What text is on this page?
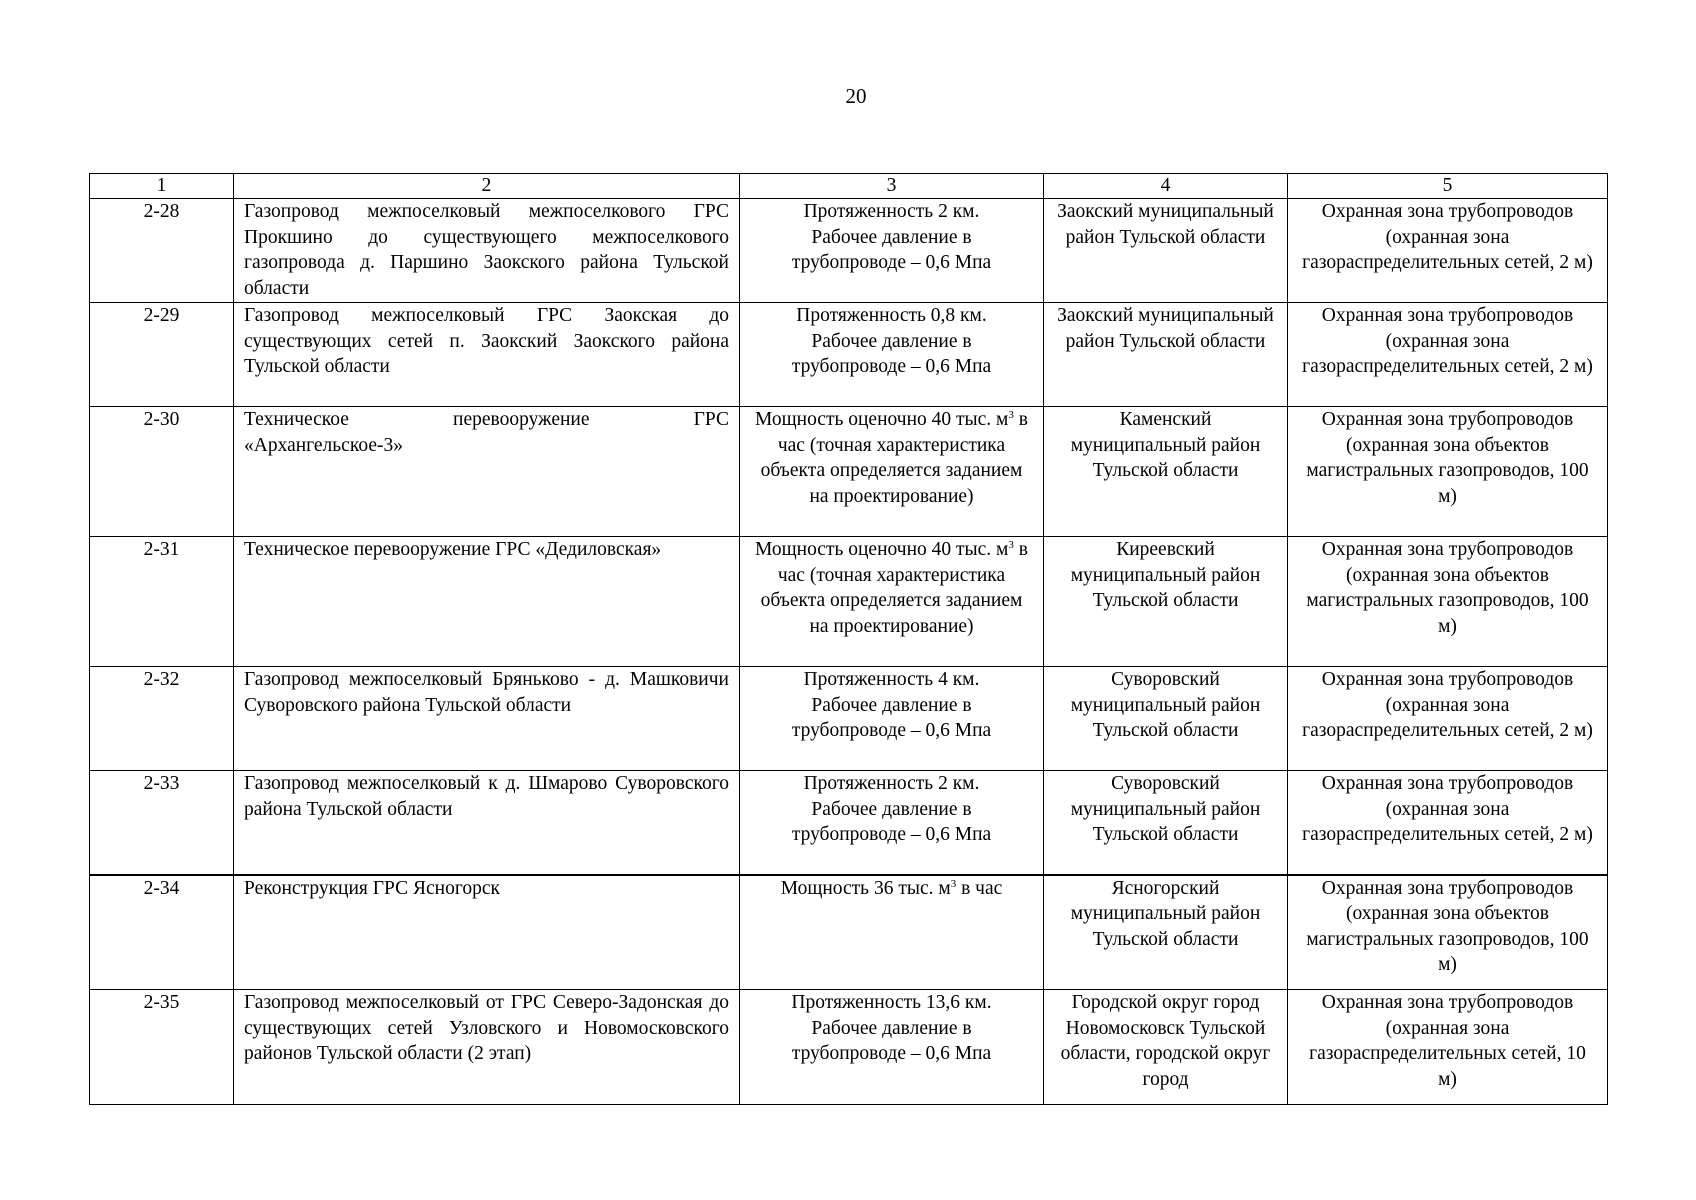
20
1	2	3	4	5
2-28	Газопровод межпоселковый межпоселкового ГРС Прокшино до существующего межпоселкового газопровода д. Паршино Заокского района Тульской области	Протяженность 2 км.
Рабочее давление в
трубопроводе – 0,6 Мпа	Заокский муниципальный район Тульской области	Охранная зона трубопроводов (охранная зона газораспределительных сетей, 2 м)
2-29	Газопровод межпоселковый ГРС Заокская до существующих сетей п. Заокский Заокского района Тульской области	Протяженность 0,8 км.
Рабочее давление в
трубопроводе – 0,6 Мпа	Заокский муниципальный район Тульской области	Охранная зона трубопроводов (охранная зона газораспределительных сетей, 2 м)
2-30	Техническое перевооружение ГРС
«Архангельское-3»	Мощность оценочно 40 тыс. $м^3$ в час (точная характеристика объекта определяется заданием на проектирование)	Каменский муниципальный район Тульской области	Охранная зона трубопроводов (охранная зона объектов магистральных газопроводов, 100 м)
2-31	Техническое перевооружение ГРС «Дедиловская»	Мощность оценочно 40 тыс. $м^3$ в час (точная характеристика объекта определяется заданием на проектирование)	Киреевский муниципальный район Тульской области	Охранная зона трубопроводов (охранная зона объектов магистральных газопроводов, 100 м)
2-32	Газопровод межпоселковый Бряньково - д. Машковичи Суворовского района Тульской области	Протяженность 4 км.
Рабочее давление в
трубопроводе – 0,6 Мпа	Суворовский муниципальный район Тульской области	Охранная зона трубопроводов (охранная зона газораспределительных сетей, 2 м)
2-33	Газопровод межпоселковый к д. Шмарово Суворовского района Тульской области	Протяженность 2 км.
Рабочее давление в
трубопроводе – 0,6 Мпа	Суворовский муниципальный район Тульской области	Охранная зона трубопроводов (охранная зона газораспределительных сетей, 2 м)
2-34	Реконструкция ГРС Ясногорск	Мощность 36 тыс. $м^3$ в час	Ясногорский муниципальный район Тульской области	Охранная зона трубопроводов (охранная зона объектов магистральных газопроводов, 100 м)
2-35	Газопровод межпоселковый от ГРС Северо-Задонская до существующих сетей Узловского и Новомосковского районов Тульской области (2 этап)	Протяженность 13,6 км.
Рабочее давление в
трубопроводе – 0,6 Мпа	Городской округ город Новомосковск Тульской области, городской округ город	Охранная зона трубопроводов (охранная зона газораспределительных сетей, 10 м)
